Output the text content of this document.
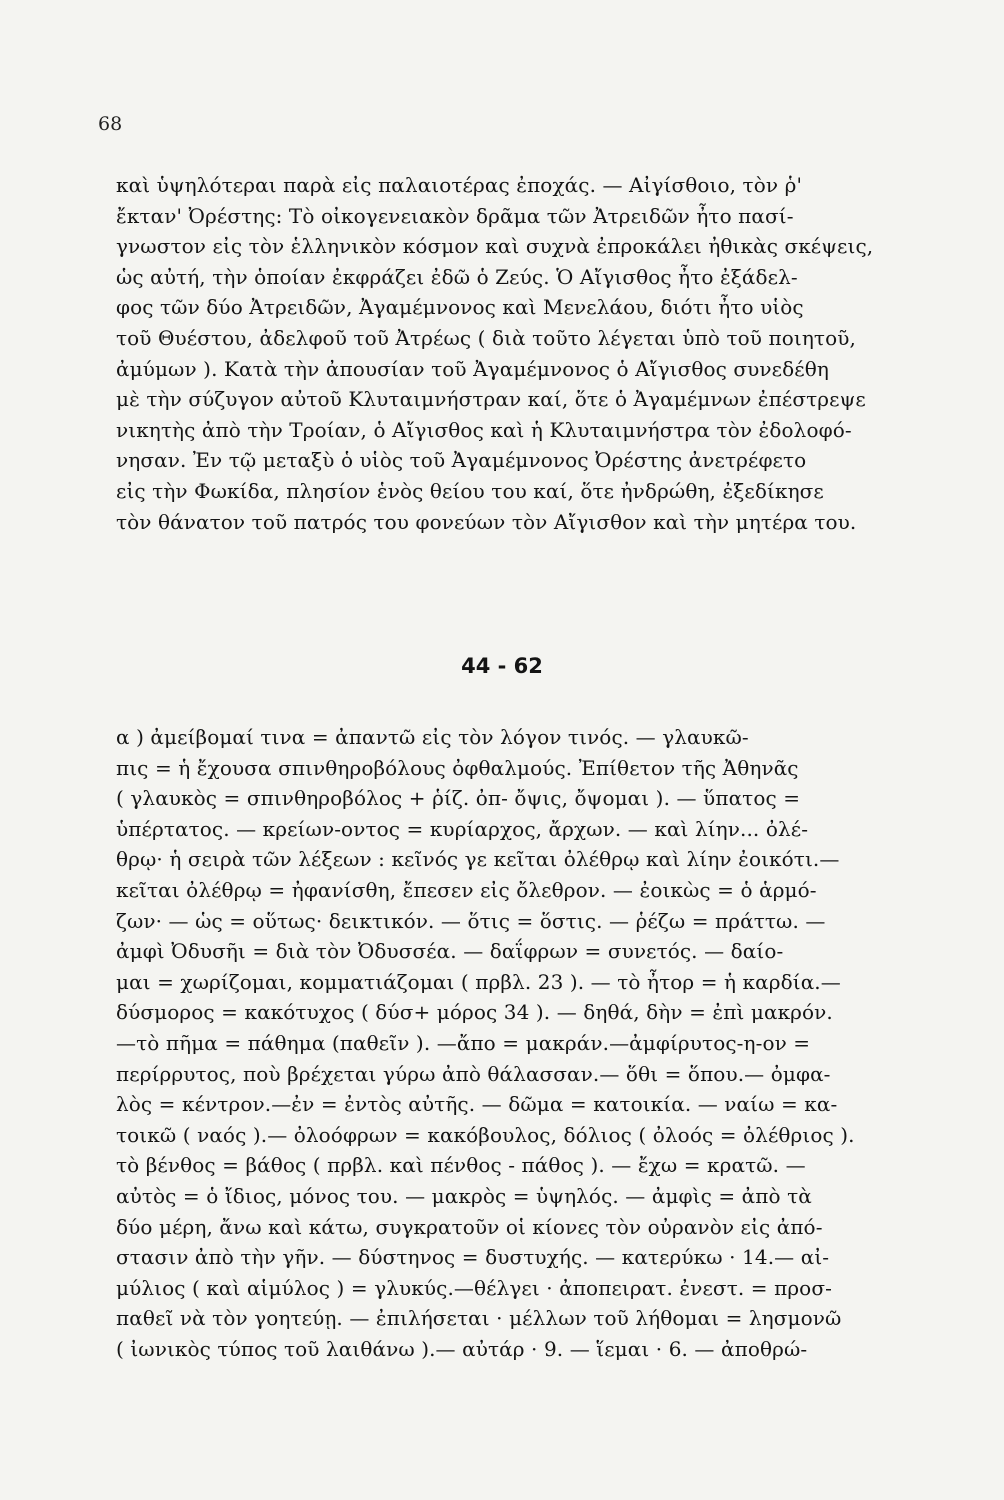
68
καὶ ὑψηλότεραι παρὰ εἰς παλαιοτέρας ἐποχάς. — Αἰγίσθοιο, τὸν ῥ'
ἔκταν' Ὀρέστης: Τὸ οἰκογενειακὸν δρᾶμα τῶν Ἀτρειδῶν ἦτο πασί-
γνωστον εἰς τὸν ἑλληνικὸν κόσμον καὶ συχνὰ ἐπροκάλει ἠθικὰς σκέψεις,
ὡς αὐτή, τὴν ὁποίαν ἐκφράζει ἐδῶ ὁ Ζεύς. Ὁ Αἴγισθος ἦτο ἐξάδελ-
φος τῶν δύο Ἀτρειδῶν, Ἀγαμέμνονος καὶ Μενελάου, διότι ἦτο υἱὸς
τοῦ Θυέστου, ἀδελφοῦ τοῦ Ἀτρέως ( διὰ τοῦτο λέγεται ὑπὸ τοῦ ποιητοῦ,
ἀμύμων ). Κατὰ τὴν ἀπουσίαν τοῦ Ἀγαμέμνονος ὁ Αἴγισθος συνεδέθη
μὲ τὴν σύζυγον αὐτοῦ Κλυταιμνήστραν καί, ὅτε ὁ Ἀγαμέμνων ἐπέστρεψε
νικητὴς ἀπὸ τὴν Τροίαν, ὁ Αἴγισθος καὶ ἡ Κλυταιμνήστρα τὸν ἐδολοφό-
νησαν. Ἐν τῷ μεταξὺ ὁ υἱὸς τοῦ Ἀγαμέμνονος Ὀρέστης ἀνετρέφετο
εἰς τὴν Φωκίδα, πλησίον ἑνὸς θείου του καί, ὅτε ἠνδρώθη, ἐξεδίκησε
τὸν θάνατον τοῦ πατρός του φονεύων τὸν Αἴγισθον καὶ τὴν μητέρα του.
44 - 62
α ) ἀμείβομαί τινα = ἀπαντῶ εἰς τὸν λόγον τινός. — γλαυκῶ-
πις = ἡ ἔχουσα σπινθηροβόλους ὀφθαλμούς. Ἐπίθετον τῆς Ἀθηνᾶς
( γλαυκὸς = σπινθηροβόλος + ῥίζ. ὀπ- ὄψις, ὄψομαι ). — ὕπατος =
ὑπέρτατος. — κρείων-οντος = κυρίαρχος, ἄρχων. — καὶ λίην... ὀλέ-
θρῳ· ἡ σειρὰ τῶν λέξεων : κεῖνός γε κεῖται ὀλέθρῳ καὶ λίην ἐοικότι.—
κεῖται ὀλέθρῳ = ἠφανίσθη, ἔπεσεν εἰς ὄλεθρον. — ἐοικὼς = ὁ ἁρμό-
ζων· — ὡς = οὕτως· δεικτικόν. — ὅτις = ὅστις. — ῥέζω = πράττω. —
ἀμφὶ Ὀδυσῆι = διὰ τὸν Ὀδυσσέα. — δαΐφρων = συνετός. — δαίο-
μαι = χωρίζομαι, κομματιάζομαι ( πρβλ. 23 ). — τὸ ἦτορ = ἡ καρδία.—
δύσμορος = κακότυχος ( δύσ+ μόρος 34 ). — δηθά, δὴν = ἐπὶ μακρόν.
—τὸ πῆμα = πάθημα (παθεῖν ). —ἄπο = μακράν.—ἀμφίρυτος-η-ον =
περίρρυτος, ποὺ βρέχεται γύρω ἀπὸ θάλασσαν.— ὅθι = ὅπου.— ὀμφα-
λὸς = κέντρον.—ἐν = ἐντὸς αὐτῆς. — δῶμα = κατοικία. — ναίω = κα-
τοικῶ ( ναός ).— ὀλοόφρων = κακόβουλος, δόλιος ( ὀλοός = ὀλέθριος ).
τὸ βένθος = βάθος ( πρβλ. καὶ πένθος - πάθος ). — ἔχω = κρατῶ. —
αὐτὸς = ὁ ἴδιος, μόνος του. — μακρὸς = ὑψηλός. — ἀμφὶς = ἀπὸ τὰ
δύο μέρη, ἄνω καὶ κάτω, συγκρατοῦν οἱ κίονες τὸν οὐρανὸν εἰς ἀπό-
στασιν ἀπὸ τὴν γῆν. — δύστηνος = δυστυχής. — κατερύκω · 14.— αἰ-
μύλιος ( καὶ αἱμύλος ) = γλυκύς.—θέλγει · ἀποπειρατ. ἐνεστ. = προσ-
παθεῖ νὰ τὸν γοητεύῃ. — ἐπιλήσεται · μέλλων τοῦ λήθομαι = λησμονῶ
( ἰωνικὸς τύπος τοῦ λαιθάνω ).— αὐτάρ · 9. — ἵεμαι · 6. — ἀποθρώ-
